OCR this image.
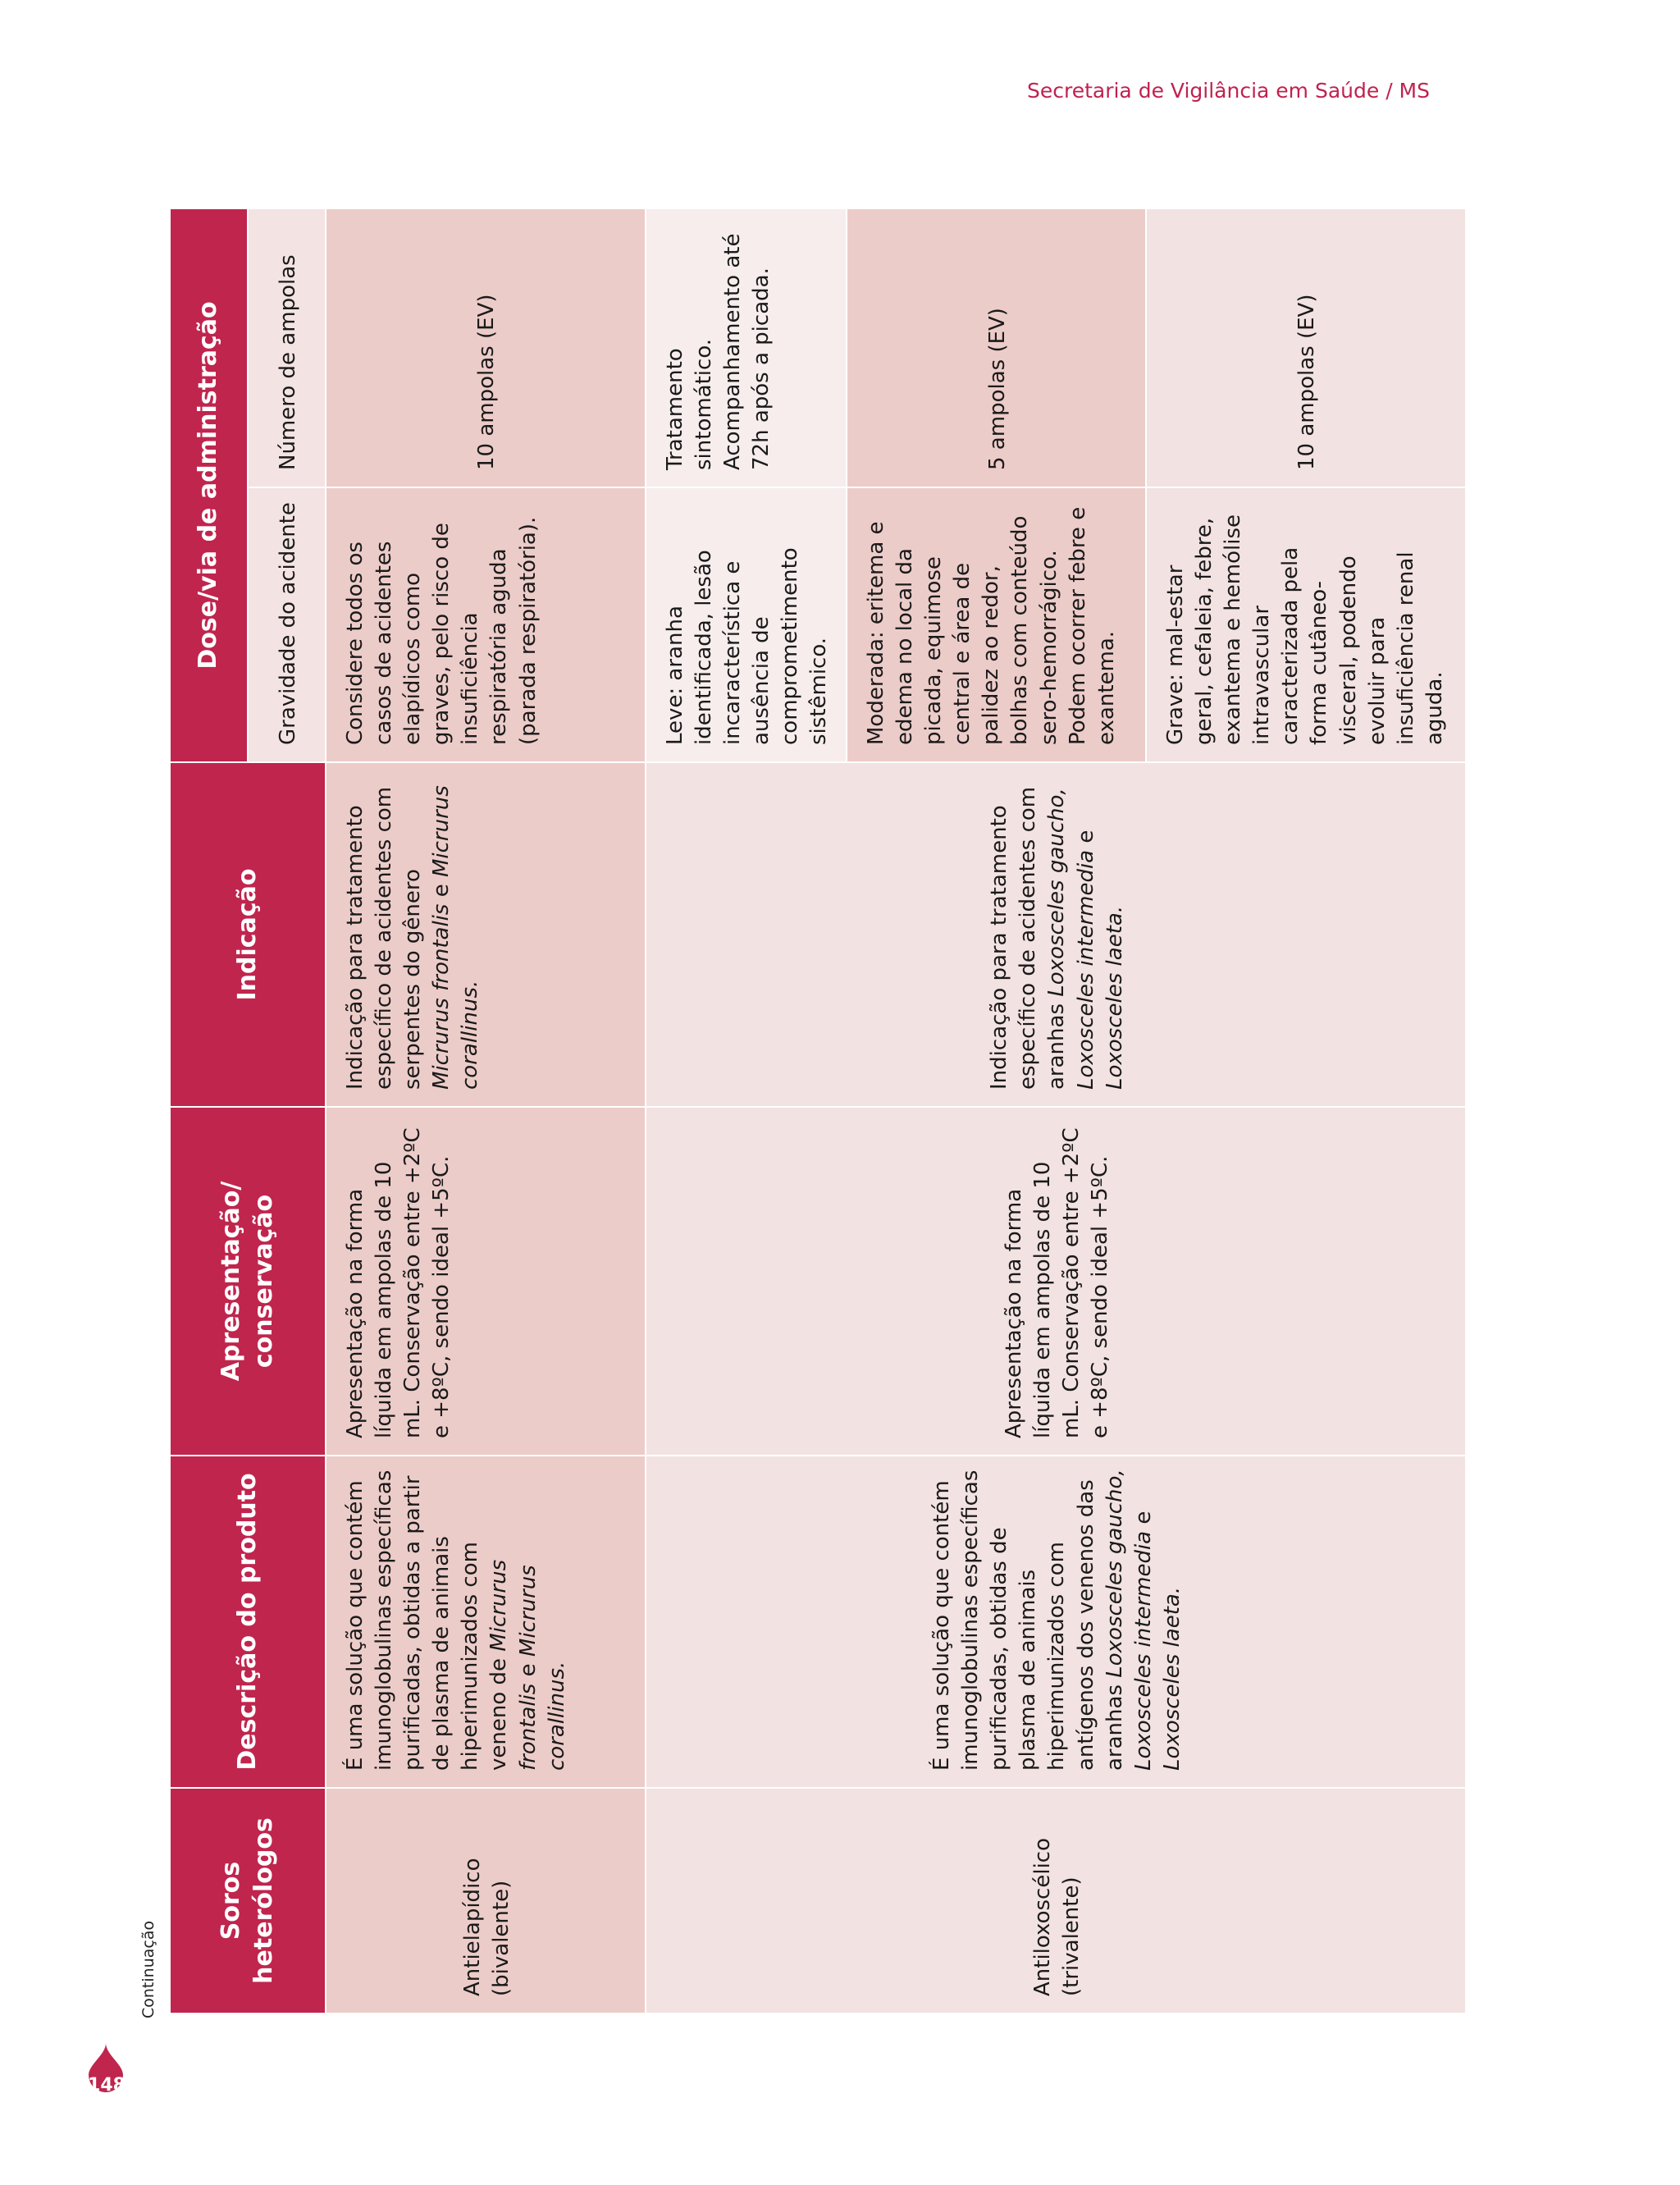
Secretaria de Vigilância em Saúde / MS
148
Continuação
Soros heterólogos	Descrição do produto	Apresentação/ conservação	Indicação	Dose/via de administração	
				Gravidade do acidente	Número de ampolas
Antielapídico (bivalente)	É uma solução que contém imunoglobulinas específicas purificadas, obtidas a partir de plasma de animais hiperimunizados com veneno de Micrurus frontalis e Micrurus corallinus.	Apresentação na forma líquida em ampolas de 10 mL. Conservação entre +2ºC e +8ºC, sendo ideal +5ºC.	Indicação para tratamento específico de acidentes com serpentes do gênero Micrurus frontalis e Micrurus corallinus.	Considere todos os casos de acidentes elapídicos como graves, pelo risco de insuficiência respiratória aguda (parada respiratória).	10 ampolas (EV)
Antiloxoscélico (trivalente)	É uma solução que contém imunoglobulinas específicas purificadas, obtidas de plasma de animais hiperimunizados com antígenos dos venenos das aranhas Loxosceles gaucho, Loxosceles intermedia e Loxosceles laeta.	Apresentação na forma líquida em ampolas de 10 mL. Conservação entre +2ºC e +8ºC, sendo ideal +5ºC.	Indicação para tratamento específico de acidentes com aranhas Loxosceles gaucho, Loxosceles intermedia e Loxosceles laeta.	Leve: aranha identificada, lesão incaracterística e ausência de comprometimento sistêmico.	Tratamento sintomático. Acompanhamento até 72h após a picada.
				Moderada: eritema e edema no local da picada, equimose central e área de palidez ao redor, bolhas com conteúdo sero-hemorrágico. Podem ocorrer febre e exantema.	5 ampolas (EV)
				Grave: mal-estar geral, cefaleia, febre, exantema e hemólise intravascular caracterizada pela forma cutâneo-visceral, podendo evoluir para insuficiência renal aguda.	10 ampolas (EV)
